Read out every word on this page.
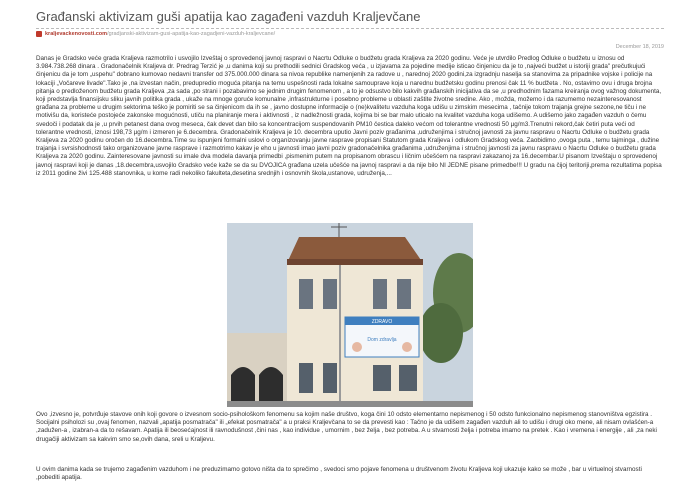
Građanski aktivizam guši apatija kao zagađeni vazduh Kraljevčane
kraljevackenovosti.com /gradjanski-aktivizam-gusi-apatija-kao-zagadjeni-vazduh-kraljevcane/
December 18, 2019

Danas je Gradsko veće grada Kraljeva razmotrilo i usvojilo Izveštaj o sprovedenoj javnoj raspravi o Nacrtu Odluke o budžetu grada Kraljeva za 2020 godinu. Veće je utvrdilo Predlog Odluke o budžetu u iznosu od 3.984.738.268 dinara . Gradonačelnik Kraljeva dr. Predrag Terzić je ,u danima koji su prethodili sednici Gradskog veća , u izjavama za pojedine medije isticao činjenicu da je to ,najveći budžet u istoriji grada" prečutkujući činjenicu da je tom „uspehu" dobrano kumovao nedavni transfer od 375.000.000 dinara sa nivoa republike namenjenih za radove u , narednoj 2020 godini,za izgradnju naselja sa stanovima za pripadnike vojske i policije na lokaciji „Vočareve livade".Tako je ,na izvestan način, predupredio moguća pitanja na temu uspešnosti rada lokalne samouprave koja u narednu budžetsku godinu prenosi čak 11 % budžeta . No, ostavimo ovu i druga brojna pitanja o predloženom budžetu grada Kraljeva ,za sada ,po strani i pozabavimo se jednim drugim fenomenom , a to je odsustvo bilo kakvih građanskih inicijativa da se ,u predhodnim fazama kreiranja ovog važnog dokumenta, koji predstavlja finansijsku sliku javnih politika grada , ukaže na mnoge goruće komunalne ,infrastrukturne i posebno probleme u oblasti zaštite životne sredine. Ako , možda, možemo i da razumemo nezainteresovanost građana za probleme u drugim sektorima teško je pomiriti se sa činjenicom da ih se , javno dostupne informacije o (ne)kvalitetu vazduha koga udišu u zimskim mesecima , tačnije tokom trajanja grejne sezone,ne tiču i ne motivišu da, koristeće postojeće zakonske mogućnosti, utiču na planiranje mera i aktivnosti , iz nadležnosti grada, kojima bi se bar malo uticalo na kvalitet vazduha koga udišemo. A udišemo jako zagađen vazduh o čemu svedoči i podatak da je ,u prvih petanest dana ovog meseca, čak devet dan bilo sa koncentracijom suspendovanih PM10 čestica daleko većom od tolerantne vrednosti 50 µg/m3.Trenutni rekord,čak četiri puta veći od tolerantne vrednosti, iznosi 198,73 µg/m i izmeren je 6.decembra. Gradonačelnik Kraljeva je 10. decembra uputio Javni poziv građanima ,udruženjima i stručnoj javnosti za javnu raspravu o Nacrtu Odluke o budžetu grada Kraljeva za 2020 godinu oročen do 16.decembra.Time su ispunjeni formalni uslovi o organizovanju javne rasprave propisani Statutom grada Kraljeva i odlukom Gradskog veća. Zaobidimo ,ovoga puta , temu tajminga , dužine trajanja i svrsishodnosti tako organizovane javne rasprave i razmotrimo kakav je eho u javnosti imao javni poziv gradonačelnika građanima ,udruženjima i stručnoj javnosti za javnu raspravu o Nacrtu Odluke o budžetu grada Kraljeva za 2020 godinu. Zainteresovane javnosti su imale dva modela davanja primedbi ,pismenim putem na propisanom obrascu i ličnim učešćem na raspravi zakazanoj za 16.decembar.U pisanom Izveštaju o sprovedenoj javnoj raspravi koji je danas ,18.decembra,usvojilo Gradsko veće kaže se da su DVOJICA građana uzela učešće na javnoj raspravi a da nije bilo NI JEDNE pisane primedbe!!! U gradu na čijoj teritoriji,prema rezultatima popisa iz 2011 godine živi 125.488 stanovnika, u kome radi nekoliko fakulteta,desetina srednjih i osnovnih škola,ustanove, udruženja,...

ZDRAVO
Dom zdravlja

Ovo ,izvesno je, potvrđuje stavove onih koji govore o izvesnom socio-psihološkom fenomenu sa kojim naše društvo, koga čini 10 odsto elementarno nepismenog i 50 odsto funkcionalno nepismenog stanovništva egzistira . Socijalni psiholozi su ,ovaj fenomen, nazvali „apatija posmatrača" ili „efekat posmatrača" a u praksi Kraljevčana to se da prevesti kao : Tačno je da udišem zagađen vazduh ali to udišu i drugi oko mene, ali nisam ovlašćen-a ,zadužen-a , izabran-a da to rešavam. Apatija ili beosećajnost ili ravnodušnost ,čini nas , kao individue , umornim , bez željа , bez potreba. A u stvarnosti želja i potreba imamo na pretek . Kao i vremena i energije , ali ,za neki drugačiji aktivizam sa kakvim smo se,ovih dana, sreli u Kraljevu.

U ovim danima kada se trujemo zagađenim vazduhom i ne preduzimamo gotovo ništa da to sprečimo , svedoci smo pojave fenomena u društvenom životu Kraljeva koji ukazuje kako se može , bar u virtuelnoj stvarnosti ,pobediti apatija.
